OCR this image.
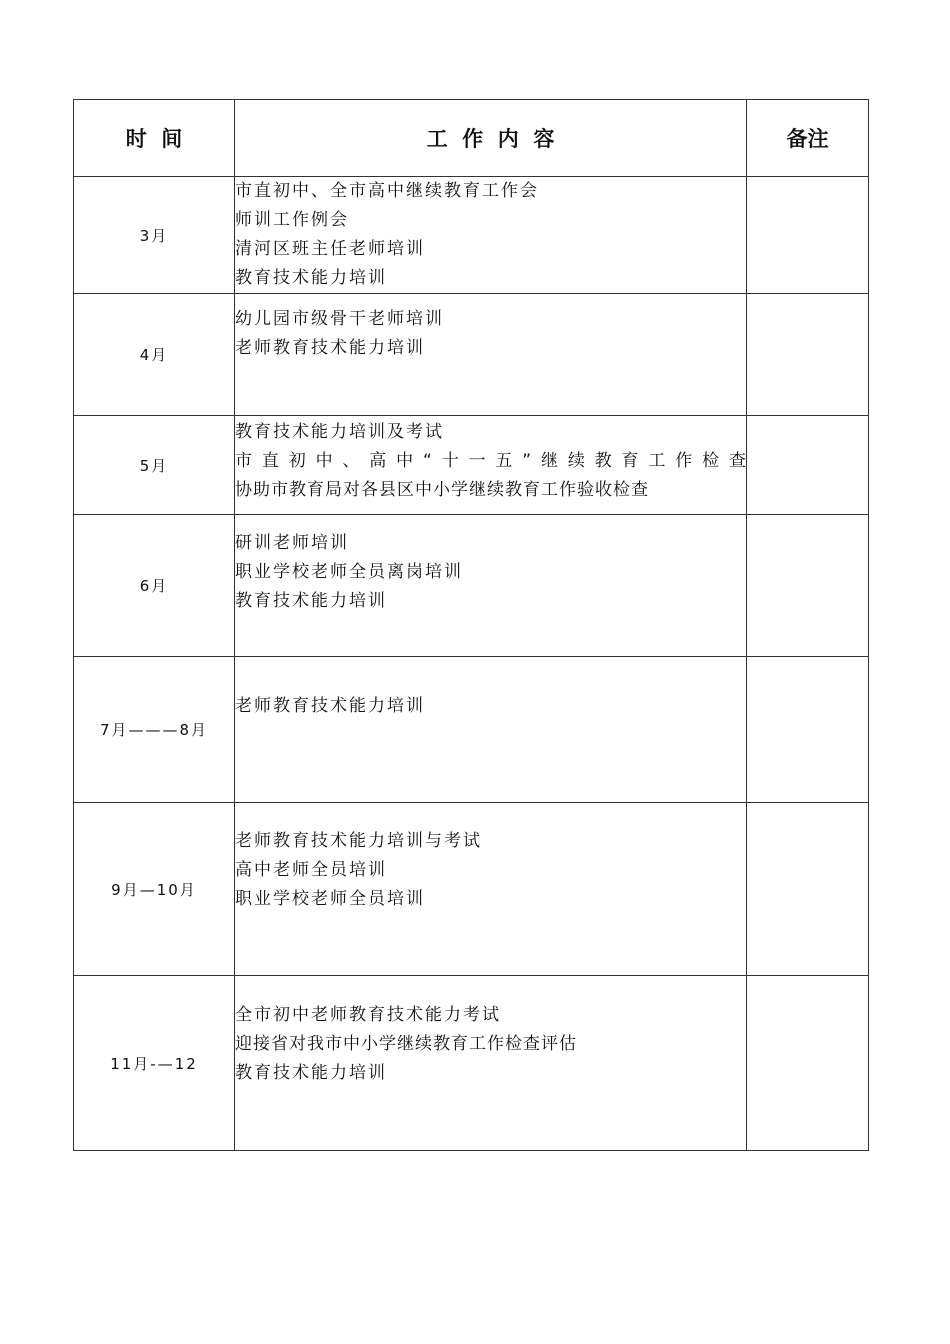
时  间	工  作  内  容	备注
3月	市直初中、全市高中继续教育工作会
师训工作例会
清河区班主任老师培训
教育技术能力培训	

4月	幼儿园市级骨干老师培训
老师教育技术能力培训	

5月	教育技术能力培训及考试
市直初中、高中“十一五”继续教育工作检查
协助市教育局对各县区中小学继续教育工作验收检查	

6月	研训老师培训
职业学校老师全员离岗培训
教育技术能力培训	

7月———8月	老师教育技术能力培训	

9月—10月	老师教育技术能力培训与考试
高中老师全员培训
职业学校老师全员培训	

11月-—12	全市初中老师教育技术能力考试
迎接省对我市中小学继续教育工作检查评估
教育技术能力培训	
